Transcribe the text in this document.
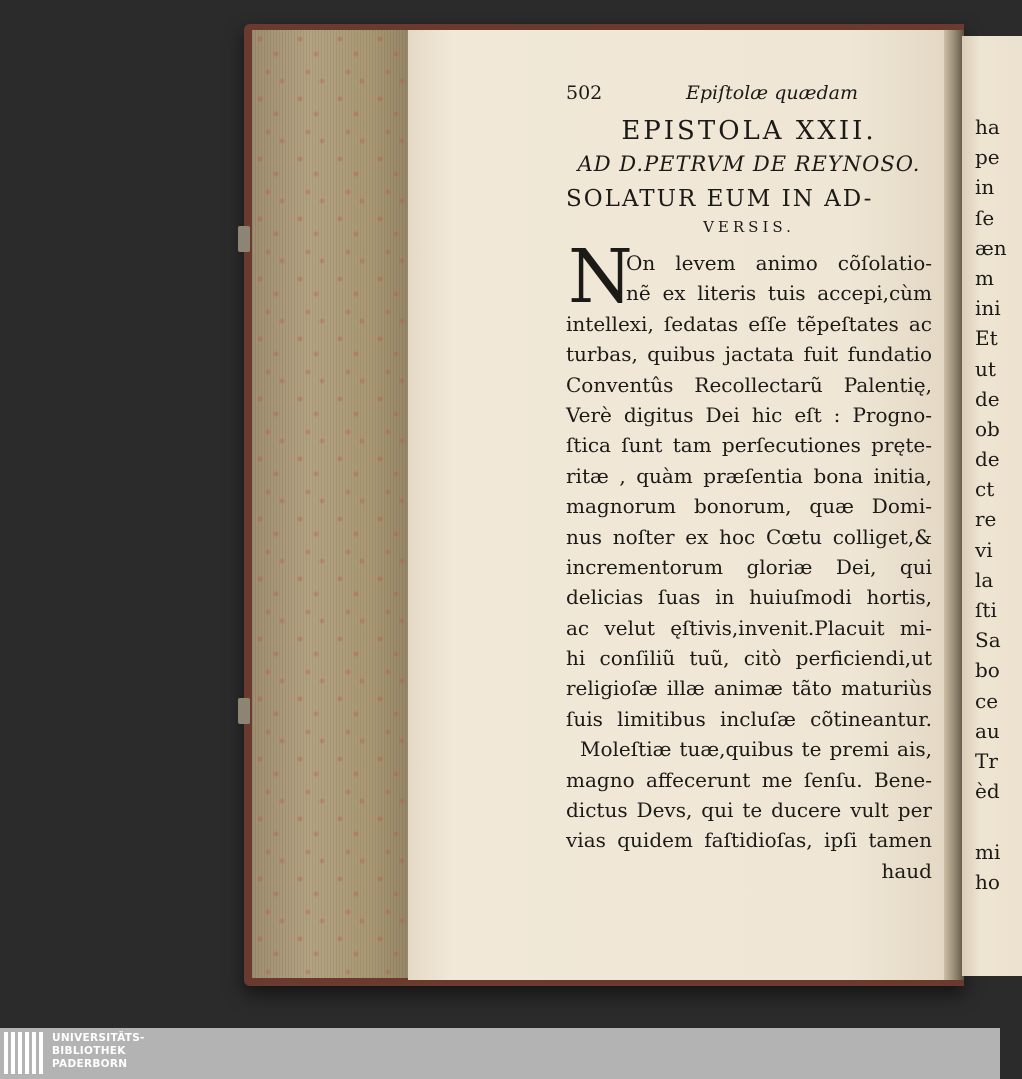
502	Epiſtolæ quædam
EPISTOLA XXII.
AD D.PETRVM DE REYNOSO.
SOLATUR EUM IN AD-
VERSIS.
N
On levem animo cõſolatio-
nẽ ex literis tuis accepi,cùm
intellexi, ſedatas eſſe tẽpeſtates ac
turbas, quibus jactata fuit fundatio
Conventûs Recollectarũ Palentię,
Verè digitus Dei hic eſt : Progno-
ſtica ſunt tam perſecutiones pręte-
ritæ , quàm præſentia bona initia,
magnorum bonorum, quæ Domi-
nus noſter ex hoc Cœtu colliget,&
incrementorum gloriæ Dei, qui
delicias ſuas in huiuſmodi hortis,
ac velut ęſtivis,invenit.Placuit mi-
hi conſiliũ tuũ, citò perficiendi,ut
religioſæ illæ animæ tãto maturiùs
ſuis limitibus incluſæ cõtineantur.
Moleſtiæ tuæ,quibus te premi ais,
magno affecerunt me ſenſu. Bene-
dictus Devs, qui te ducere vult per
vias quidem faſtidioſas, ipſi tamen
haud
ha
pe
in
ſe
æn
m
ini
Et
ut
de
ob
de
ct
re
vi
la
ſti
Sa
bo
ce
au
Tr
èd
mi
ho
UNIVERSITÄTS-
BIBLIOTHEK
PADERBORN
